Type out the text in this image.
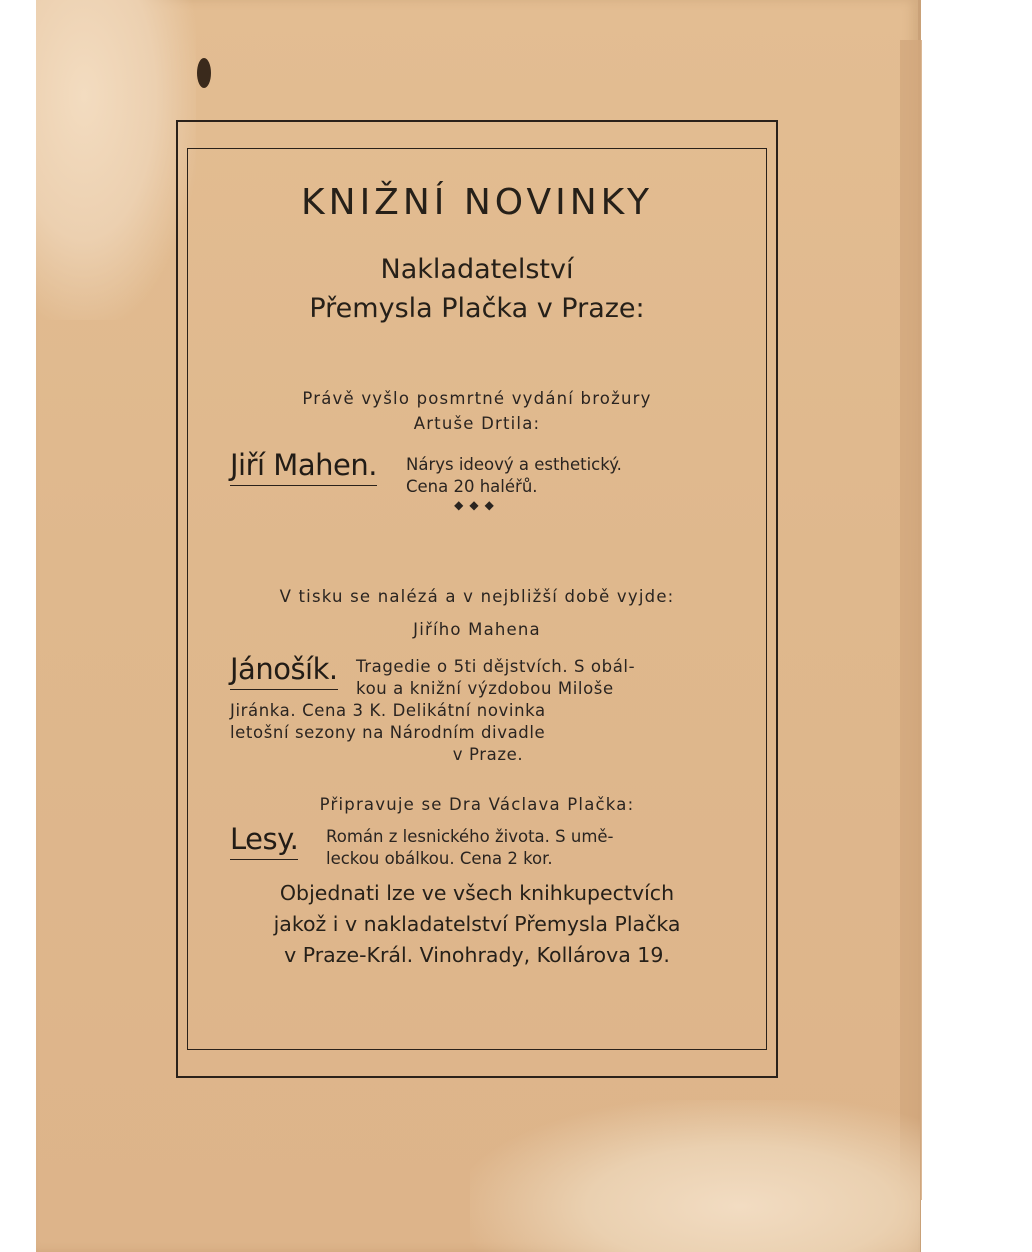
KNIŽNÍ NOVINKY
Nakladatelství
Přemysla Plačka v Praze:
Právě vyšlo posmrtné vydání brožury
Artuše Drtila:
Jiří Mahen. Nárys ideový a esthetický.
Cena 20 haléřů.
◆◆◆
V tisku se nalézá a v nejbližší době vyjde:
Jiřího Mahena
Jánošík.	Tragedie o 5ti dějstvích. S obál-
kou a knižní výzdobou Miloše
Jiránka. Cena 3 K. Delikátní novinka
letošní sezony na Národním divadle
v Praze.
Připravuje se Dra Václava Plačka:
Lesy. Román z lesnického života. S umě-
leckou obálkou. Cena 2 kor.
Objednati lze ve všech knihkupectvích
jakož i v nakladatelství Přemysla Plačka
v Praze-Král. Vinohrady, Kollárova 19.
